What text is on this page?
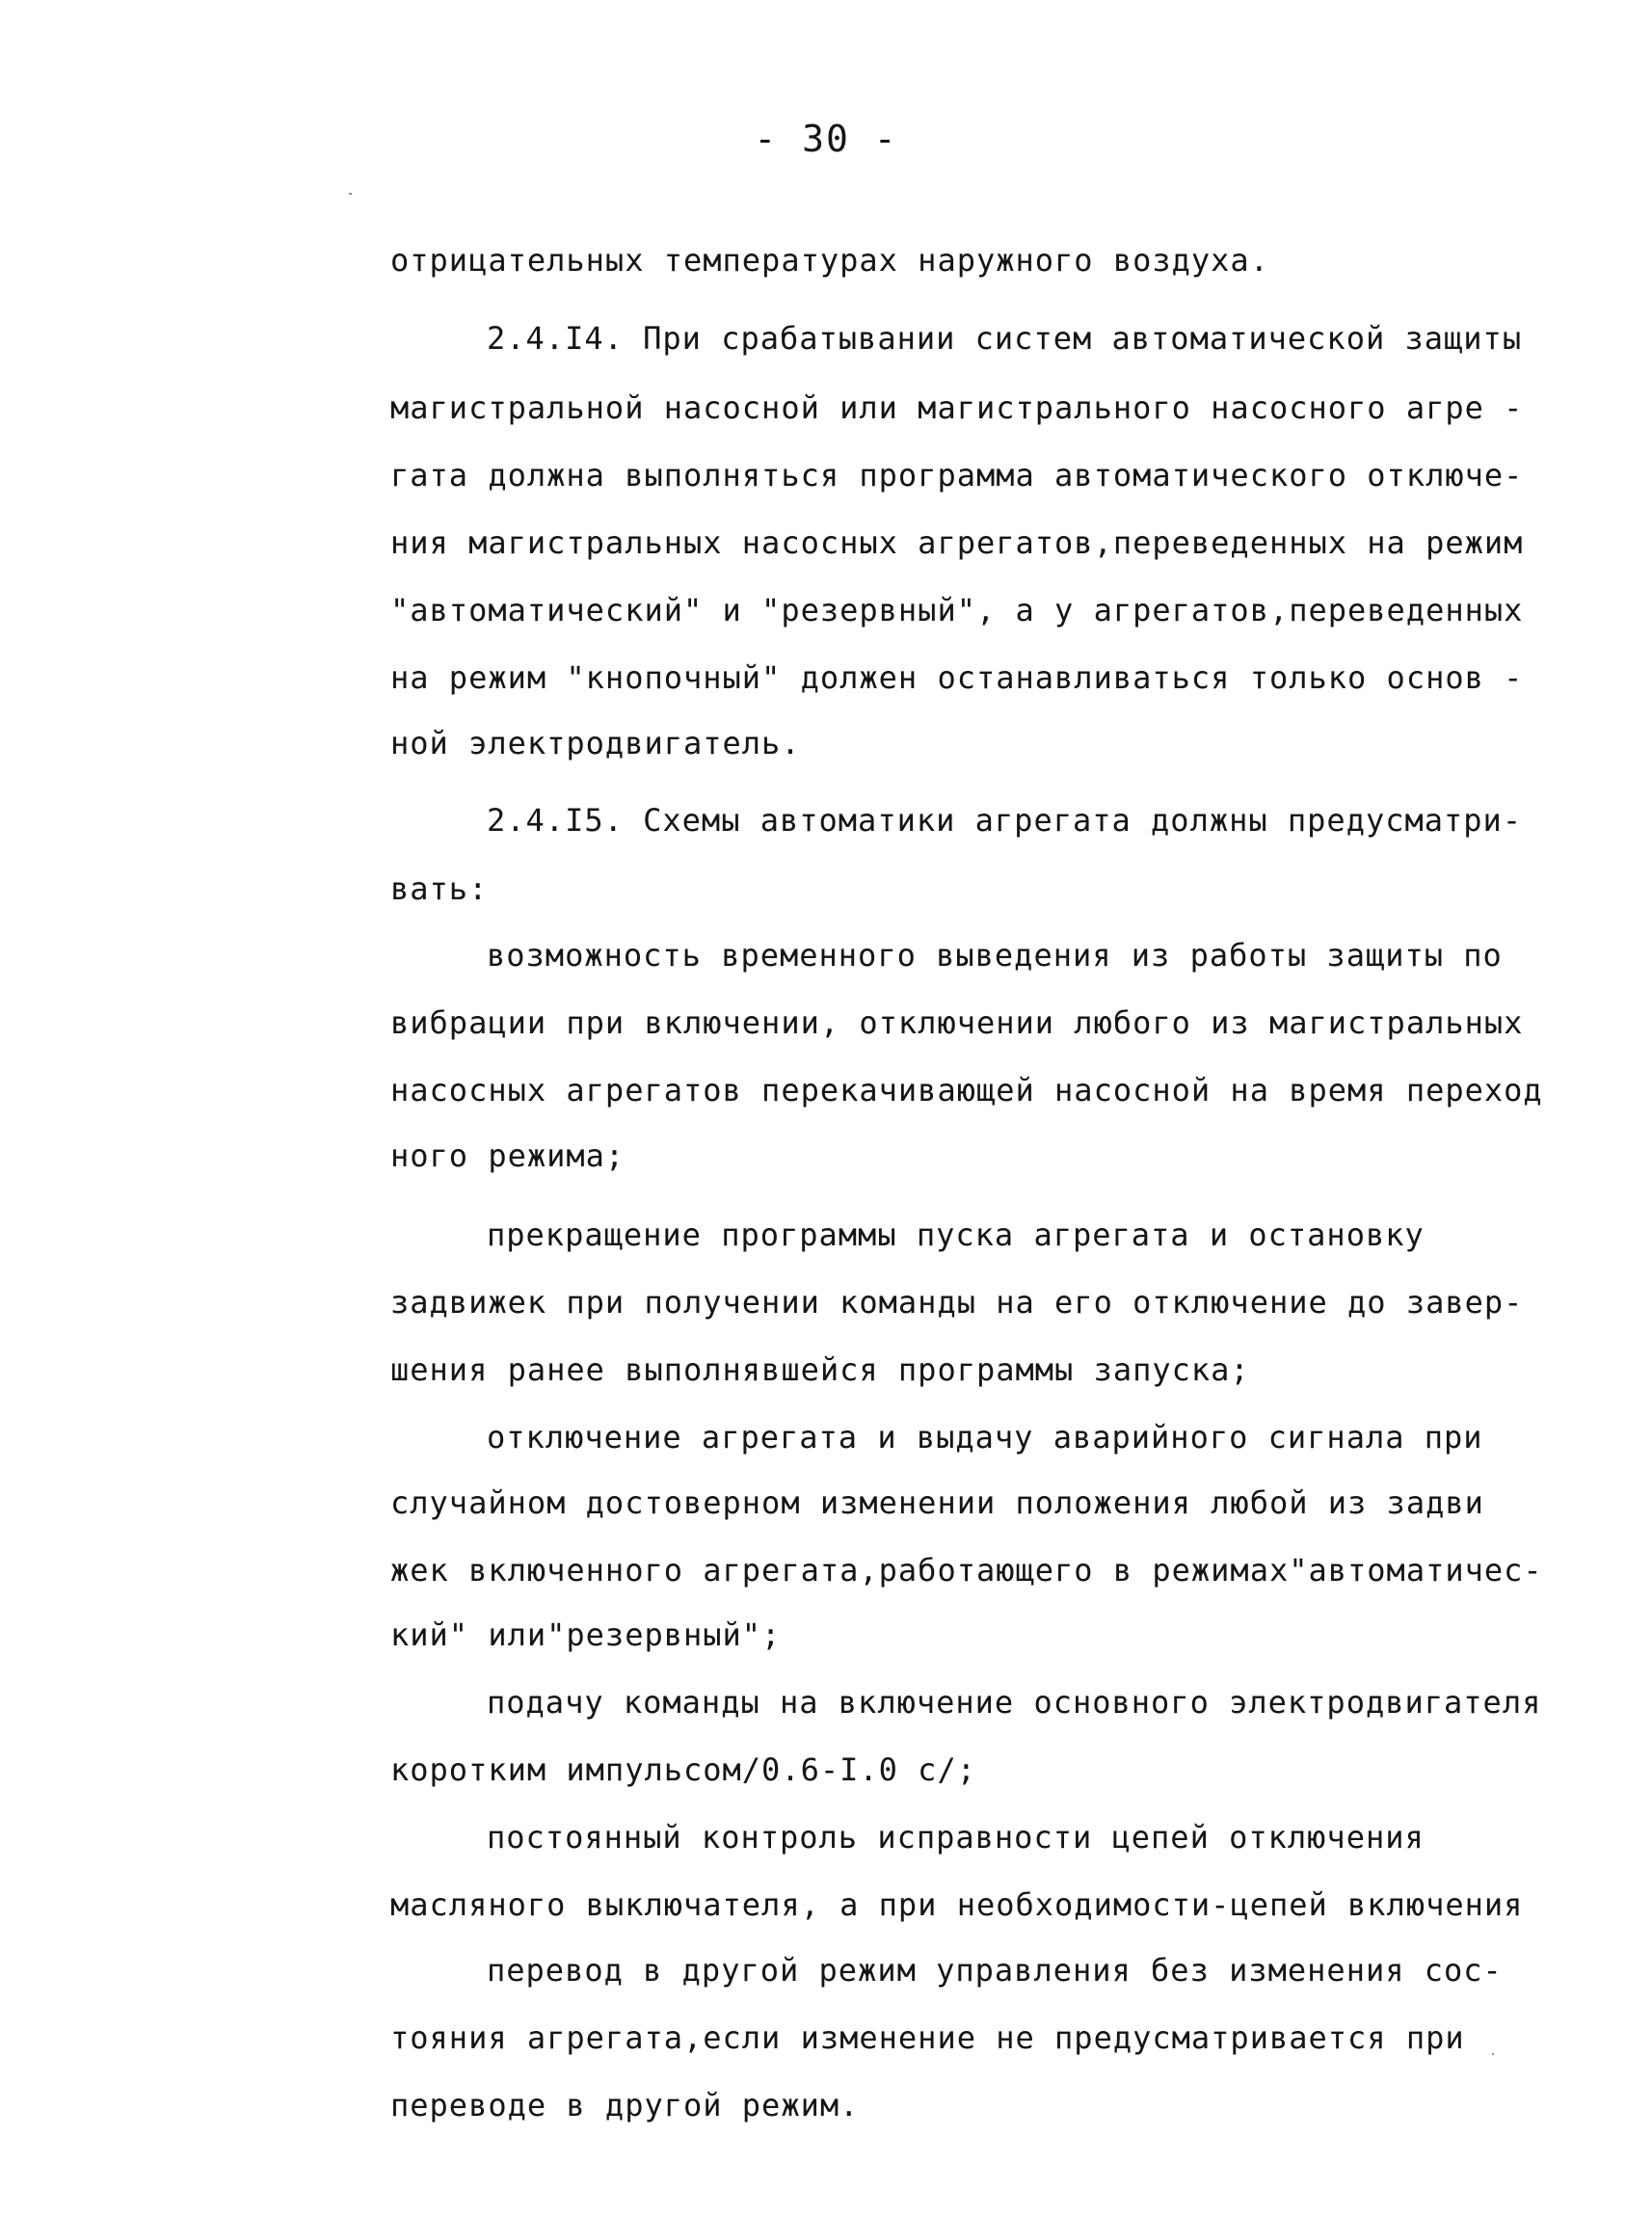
- 30 -
отрицательных температурах наружного воздуха.
2.4.I4. При срабатывании систем автоматической защиты
магистральной насосной или магистрального насосного агре -
гата должна выполняться программа автоматического отключе-
ния магистральных насосных агрегатов,переведенных на режим
"автоматический" и "резервный", а у агрегатов,переведенных
на режим "кнопочный" должен останавливаться только основ -
ной электродвигатель.
2.4.I5. Схемы автоматики агрегата должны предусматри-
вать:
возможность временного выведения из работы защиты по
вибрации при включении, отключении любого из магистральных
насосных агрегатов перекачивающей насосной на время переход
ного режима;
прекращение программы пуска агрегата и остановку
задвижек при получении команды на его отключение до завер-
шения ранее выполнявшейся программы запуска;
отключение агрегата и выдачу аварийного сигнала при
случайном достоверном изменении положения любой из задви
жек включенного агрегата,работающего в режимах"автоматичес-
кий" или"резервный";
подачу команды на включение основного электродвигателя
коротким импульсом/0.6-I.0 с/;
постоянный контроль исправности цепей отключения
масляного выключателя, а при необходимости-цепей включения
перевод в другой режим управления без изменения сос-
тояния агрегата,если изменение не предусматривается при
переводе в другой режим.
